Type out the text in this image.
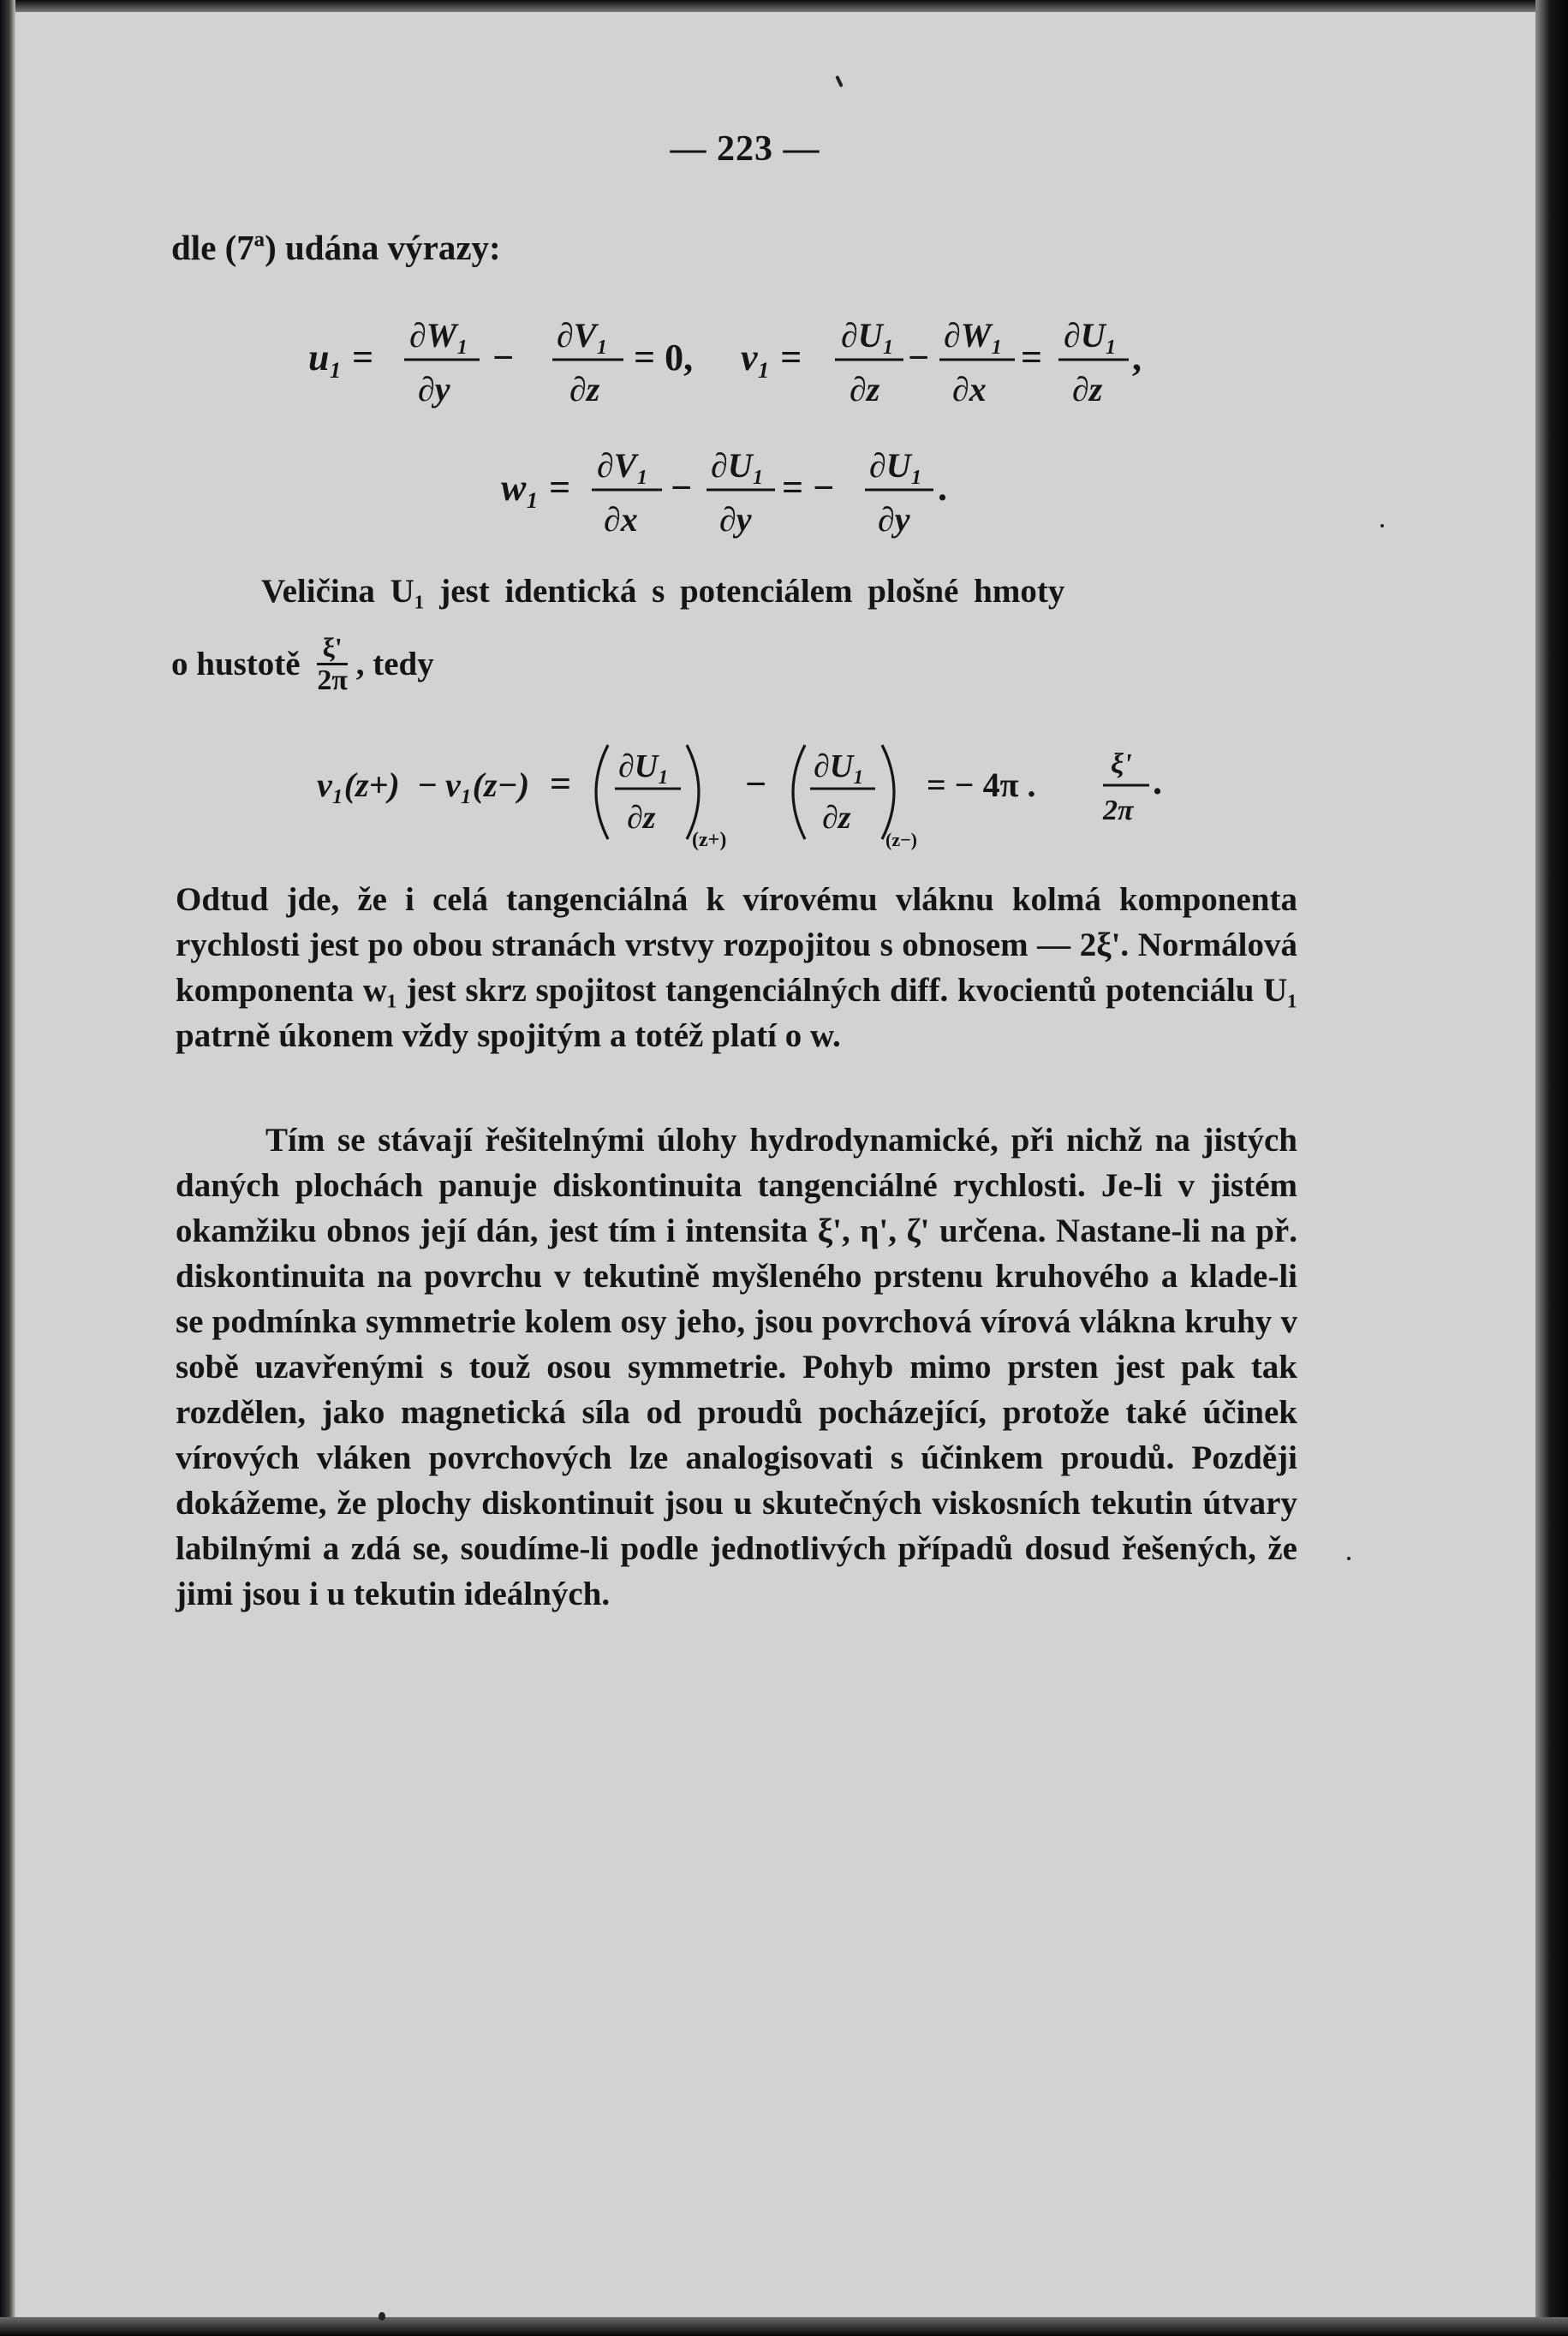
— 223 —
dle (7ª) udána výrazy:
u₁ =
∂W₁
∂y
−
∂V₁
∂z
= 0, v₁ =
∂U₁
∂z
−
∂W₁
∂x
=
∂U₁
∂z
,
w₁ =
∂V₁
∂x
−
∂U₁
∂y
= −
∂U₁
∂y
.
Veličina U₁ jest identická s potenciálem plošné hmoty
o hustotě $\frac{\xi'}{2\pi}$ , tedy
v₁(z+) − v₁(z−) = ∂U₁
∂z
(z+)
− ∂U₁
∂z
(z−)
= − 4π .
ξ'
2π
.

Odtud jde, že i celá tangenciálná k vírovému vláknu kolmá komponenta rychlosti jest po obou stranách vrstvy rozpojitou s obnosem — 2ξ'. Normálová komponenta w₁ jest skrz spojitost tangenciálných diff. kvocientů potenciálu U₁ patrně úkonem vždy spojitým a totéž platí o w.

Tím se stávají řešitelnými úlohy hydrodynamické, při nichž na jistých daných plochách panuje diskontinuita tangenciálné rychlosti. Je-li v jistém okamžiku obnos její dán, jest tím i intensita ξ', η', ζ' určena. Nastane-li na př. diskontinuita na povrchu v tekutině myšleného prstenu kruhového a klade-li se podmínka symmetrie kolem osy jeho, jsou povrchová vírová vlákna kruhy v sobě uzavřenými s touž osou symmetrie. Pohyb mimo prsten jest pak tak rozdělen, jako magnetická síla od proudů pocházející, protože také účinek vírových vláken povrchových lze analogisovati s účinkem proudů. Později dokážeme, že plochy diskontinuit jsou u skutečných viskosních tekutin útvary labilnými a zdá se, soudíme-li podle jednotlivých případů dosud řešených, že jimi jsou i u tekutin ideálných.
